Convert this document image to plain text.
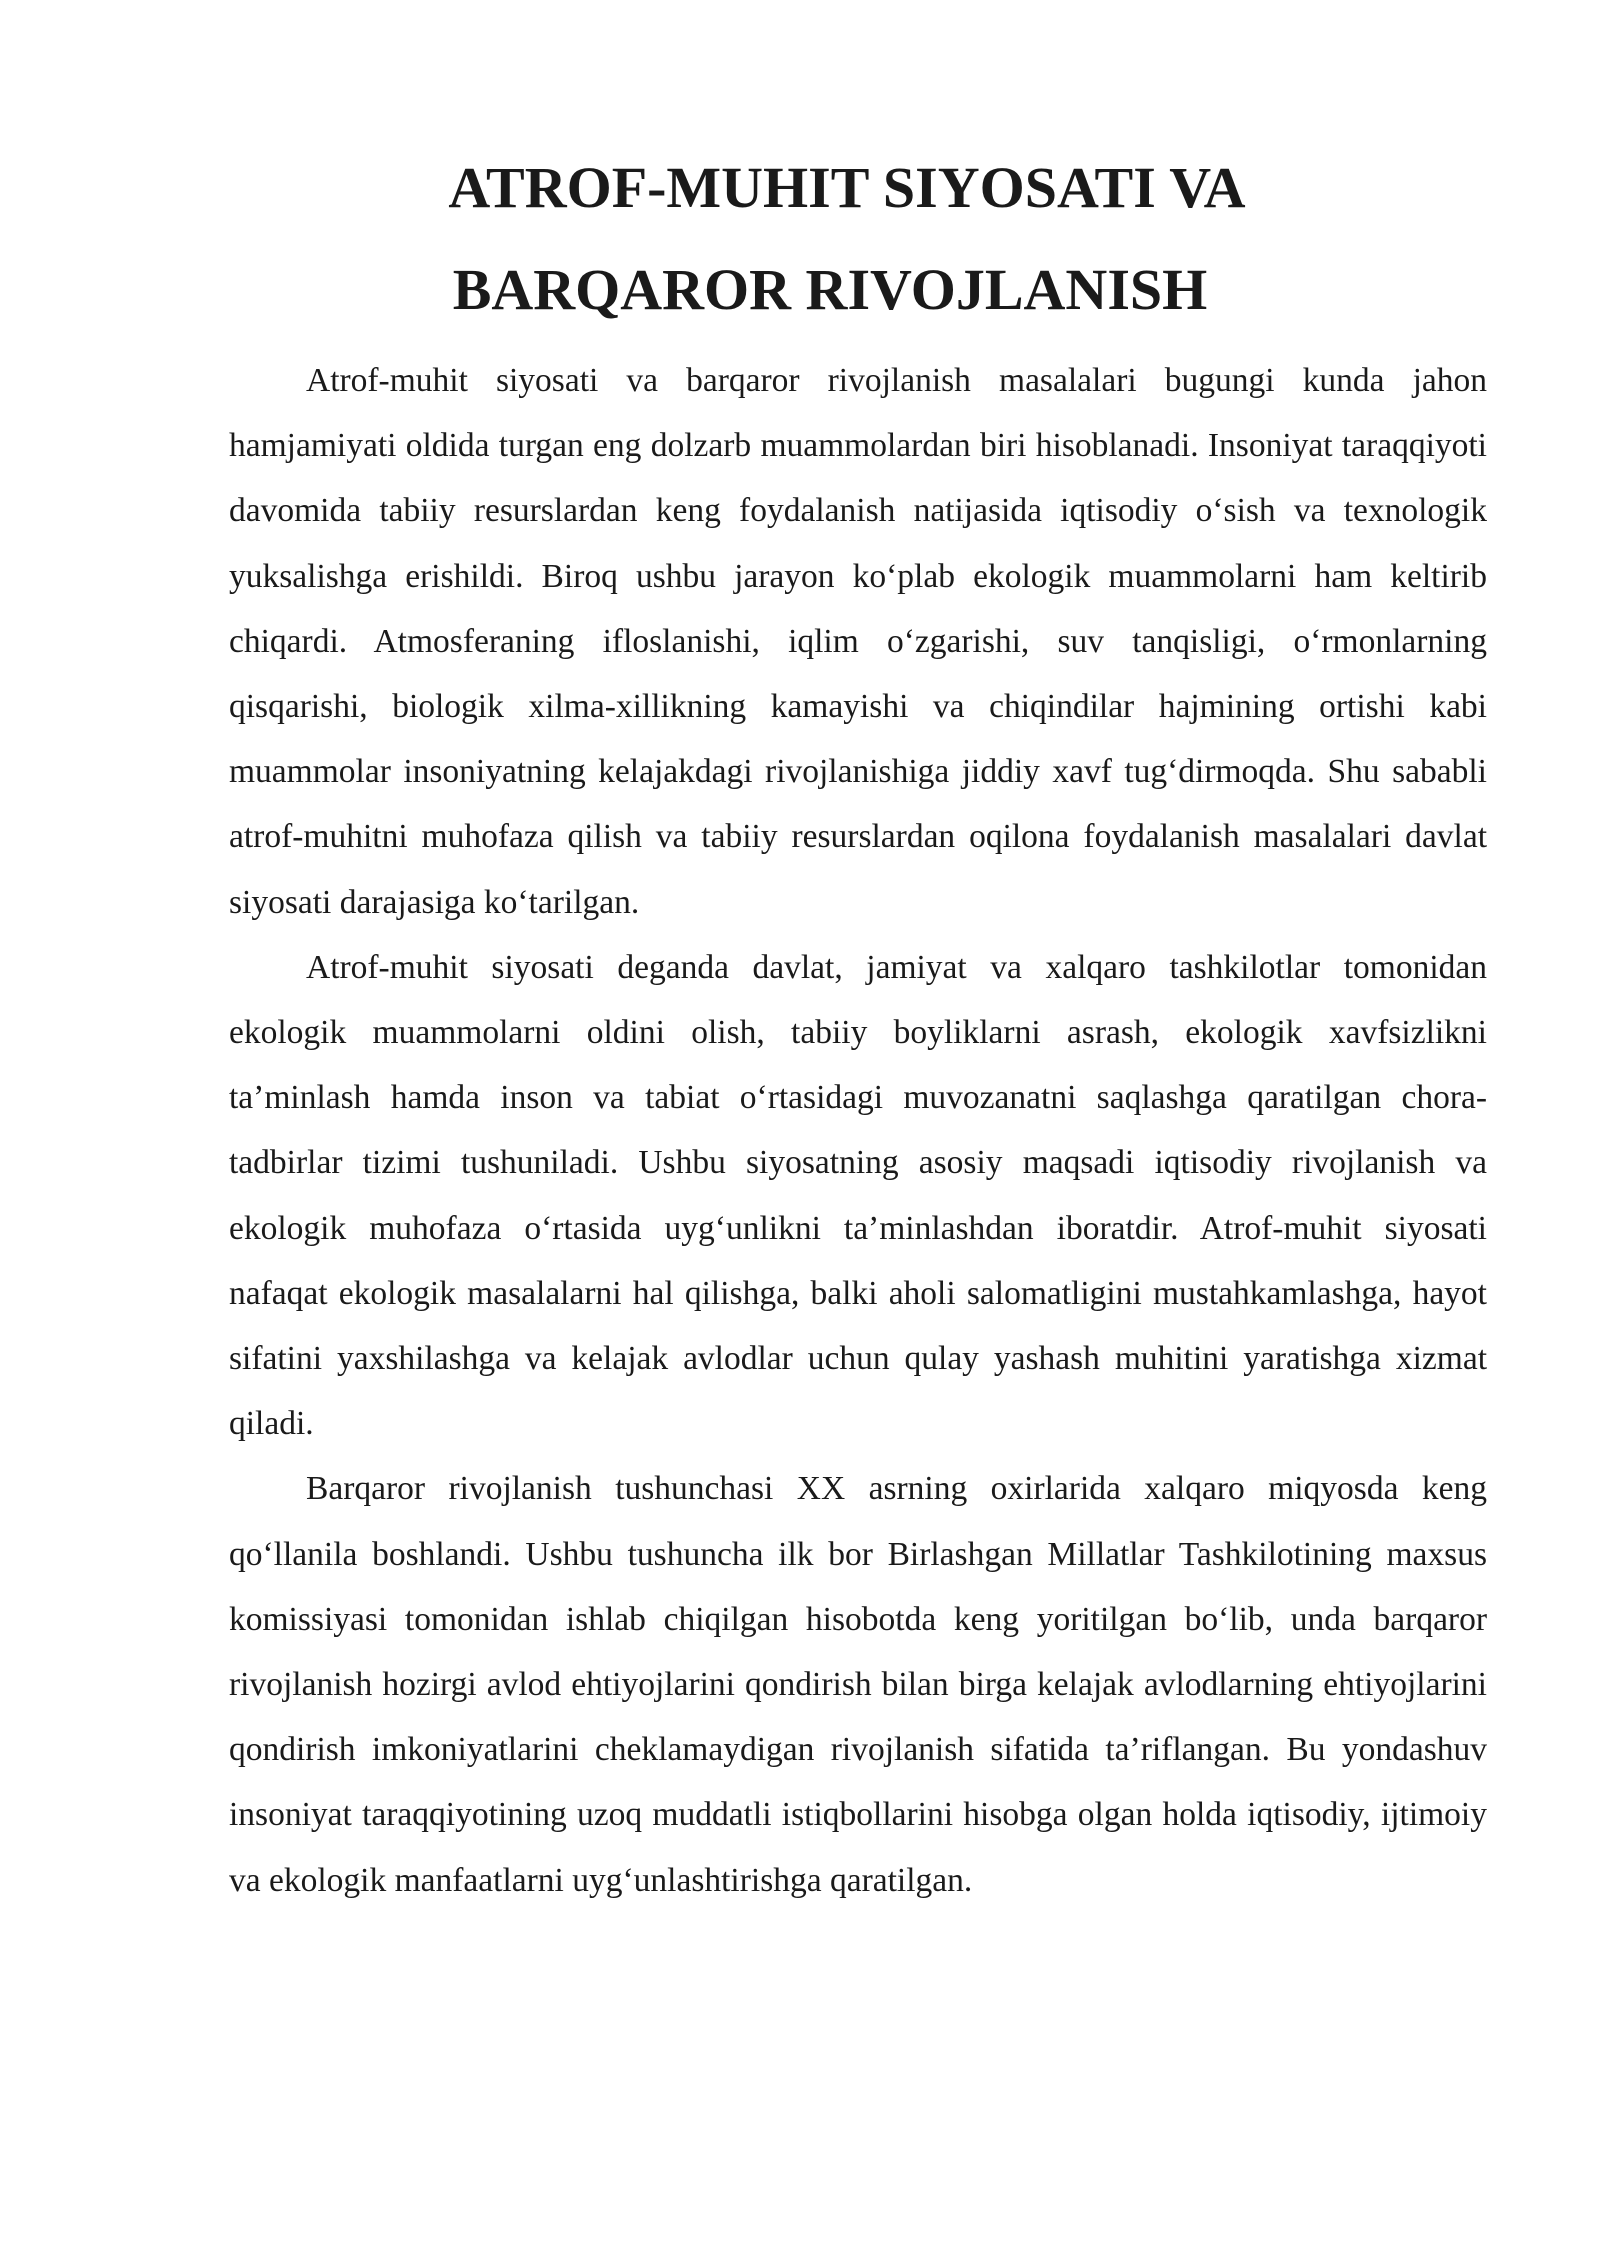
ATROF-MUHIT SIYOSATI VA
BARQAROR RIVOJLANISH

Atrof-muhit siyosati va barqaror rivojlanish masalalari bugungi kunda jahon hamjamiyati oldida turgan eng dolzarb muammolardan biri hisoblanadi. Insoniyat taraqqiyoti davomida tabiiy resurslardan keng foydalanish natijasida iqtisodiy o‘sish va texnologik yuksalishga erishildi. Biroq ushbu jarayon ko‘plab ekologik muammolarni ham keltirib chiqardi. Atmosferaning ifloslanishi, iqlim o‘zgarishi, suv tanqisligi, o‘rmonlarning qisqarishi, biologik xilma-xillikning kamayishi va chiqindilar hajmining ortishi kabi muammolar insoniyatning kelajakdagi rivojlanishiga jiddiy xavf tug‘dirmoqda. Shu sababli atrof-muhitni muhofaza qilish va tabiiy resurslardan oqilona foydalanish masalalari davlat siyosati darajasiga ko‘tarilgan.

Atrof-muhit siyosati deganda davlat, jamiyat va xalqaro tashkilotlar tomonidan ekologik muammolarni oldini olish, tabiiy boyliklarni asrash, ekologik xavfsizlikni ta’minlash hamda inson va tabiat o‘rtasidagi muvozanatni saqlashga qaratilgan chora-tadbirlar tizimi tushuniladi. Ushbu siyosatning asosiy maqsadi iqtisodiy rivojlanish va ekologik muhofaza o‘rtasida uyg‘unlikni ta’minlashdan iboratdir. Atrof-muhit siyosati nafaqat ekologik masalalarni hal qilishga, balki aholi salomatligini mustahkamlashga, hayot sifatini yaxshilashga va kelajak avlodlar uchun qulay yashash muhitini yaratishga xizmat qiladi.

Barqaror rivojlanish tushunchasi XX asrning oxirlarida xalqaro miqyosda keng qo‘llanila boshlandi. Ushbu tushuncha ilk bor Birlashgan Millatlar Tashkilotining maxsus komissiyasi tomonidan ishlab chiqilgan hisobotda keng yoritilgan bo‘lib, unda barqaror rivojlanish hozirgi avlod ehtiyojlarini qondirish bilan birga kelajak avlodlarning ehtiyojlarini qondirish imkoniyatlarini cheklamaydigan rivojlanish sifatida ta’riflangan. Bu yondashuv insoniyat taraqqiyotining uzoq muddatli istiqbollarini hisobga olgan holda iqtisodiy, ijtimoiy va ekologik manfaatlarni uyg‘unlashtirishga qaratilgan.
